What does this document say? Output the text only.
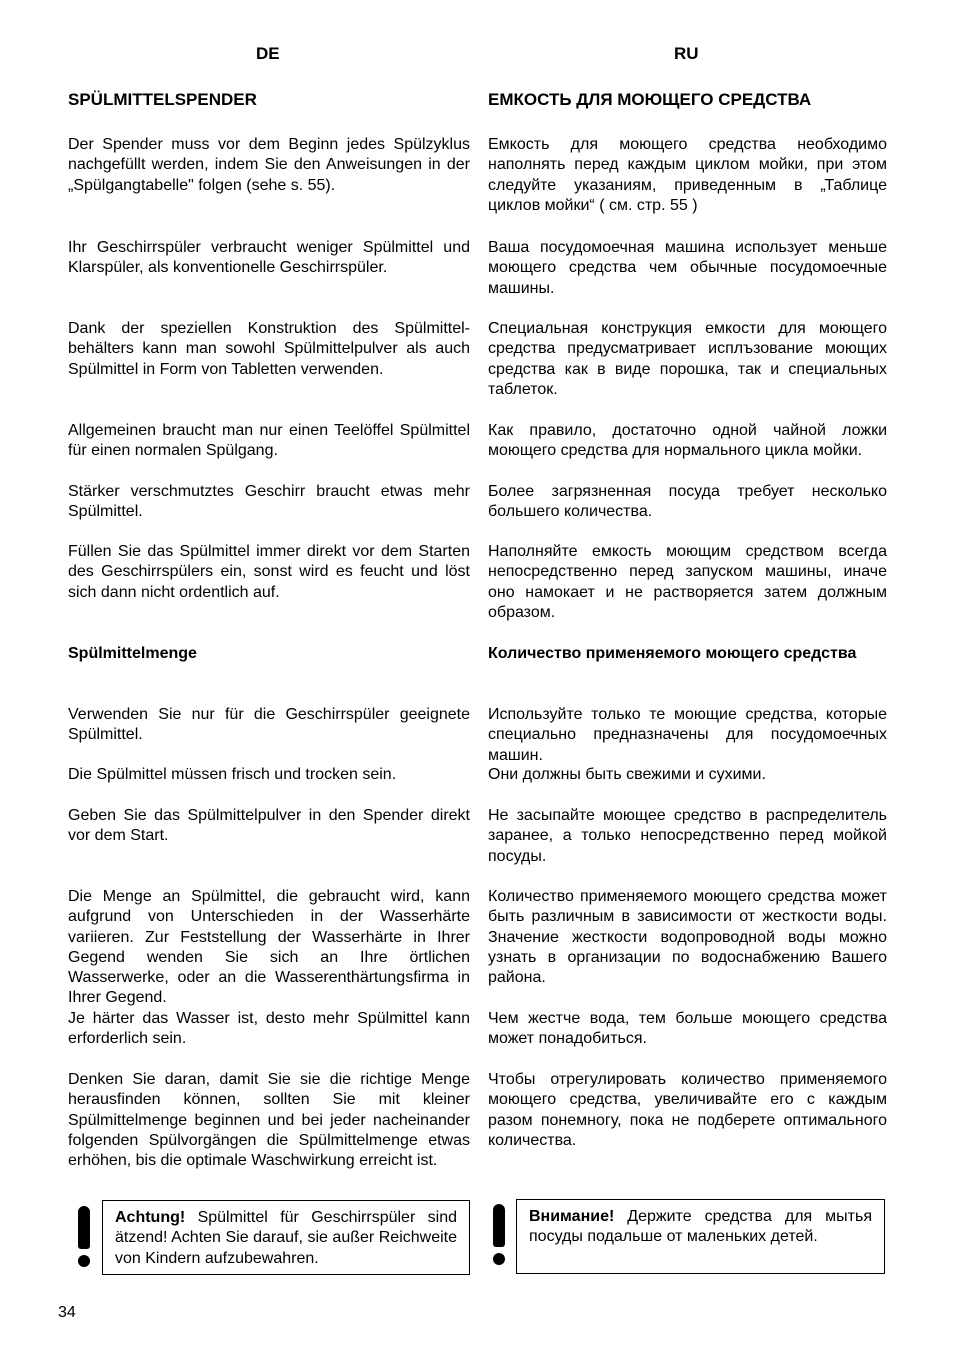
DE	RU
SPÜLMITTELSPENDER
Der Spender muss vor dem Beginn jedes Spülzyklus nachgefüllt werden, indem Sie den Anweisungen in der „Spülgangtabelle" folgen (sehe s. 55).
Ihr Geschirrspüler verbraucht weniger Spülmittel und Klarspüler, als konventionelle Geschirrspüler.
Dank der speziellen Konstruktion des Spülmittel-behälters kann man sowohl Spülmittelpulver als auch Spülmittel in Form von Tabletten verwenden.
Allgemeinen braucht man nur einen Teelöffel Spülmittel für einen normalen Spülgang.
Stärker verschmutztes Geschirr braucht etwas mehr Spülmittel.
Füllen Sie das Spülmittel immer direkt vor dem Starten des Geschirrspülers ein, sonst wird es feucht und löst sich dann nicht ordentlich auf.
Spülmittelmenge
Verwenden Sie nur für die Geschirrspüler geeignete Spülmittel.
Die Spülmittel müssen frisch und trocken sein.
Geben Sie das Spülmittelpulver in den Spender direkt vor dem Start.
Die Menge an Spülmittel, die gebraucht wird, kann aufgrund von Unterschieden in der Wasserhärte variieren. Zur Feststellung der Wasserhärte in Ihrer Gegend wenden Sie sich an Ihre örtlichen Wasserwerke, oder an die Wasserenthärtungsfirma in Ihrer Gegend.
Je härter das Wasser ist, desto mehr Spülmittel kann erforderlich sein.
Denken Sie daran, damit Sie sie die richtige Menge herausfinden können, sollten Sie mit kleiner Spülmittelmenge beginnen und bei jeder nacheinander folgenden Spülvorgängen die Spülmittelmenge etwas erhöhen, bis die optimale Waschwirkung erreicht ist.
ЕМКОСТЬ ДЛЯ МОЮЩЕГО СРЕДСТВА
Емкость для моющего средства необходимо наполнять перед каждым циклом мойки, при этом следуйте указаниям, приведенным в „Таблице циклов мойки“ ( см. стр. 55 )
Ваша посудомоечная машина использует меньше моющего средства чем обычные посудомоечные машины.
Специальная конструкция емкости для моющего средства предусматривает исплъзование моющих средства как в виде порошка, так и специальных таблеток.
Как правило, достаточно одной чайной ложки моющего средства для нормального цикла мойки.
Более загрязненная посуда требует несколько большего количества.
Наполняйте емкость моющим средством всегда непосредственно перед запуском машины, иначе оно намокает и не растворяется затем должным образом.
Количество применяемого моющего средства
Используйте только те моющие средства, которые специально предназначены для посудомоечных машин.
Они должны быть свежими и сухими.
Не засыпайте моющее средство в распределитель заранее, а только непосредственно перед мойкой посуды.
Количество применяемого моющего средства может быть различным в зависимости от жесткости воды. Значение жесткости водопроводной воды можно узнать в организации по водоснабжению Вашего района.
Чем жестче вода, тем больше моющего средства может понадобиться.
Чтобы отрегулировать количество применяемого моющего средства, увеличивайте его с каждым разом понемногу, пока не подберете оптимального количества.
Achtung! Spülmittel für Geschirrspüler sind ätzend! Achten Sie darauf, sie außer Reichweite von Kindern aufzubewahren.
Внимание! Держите средства для мытья посуды подальше от маленьких детей.
34
